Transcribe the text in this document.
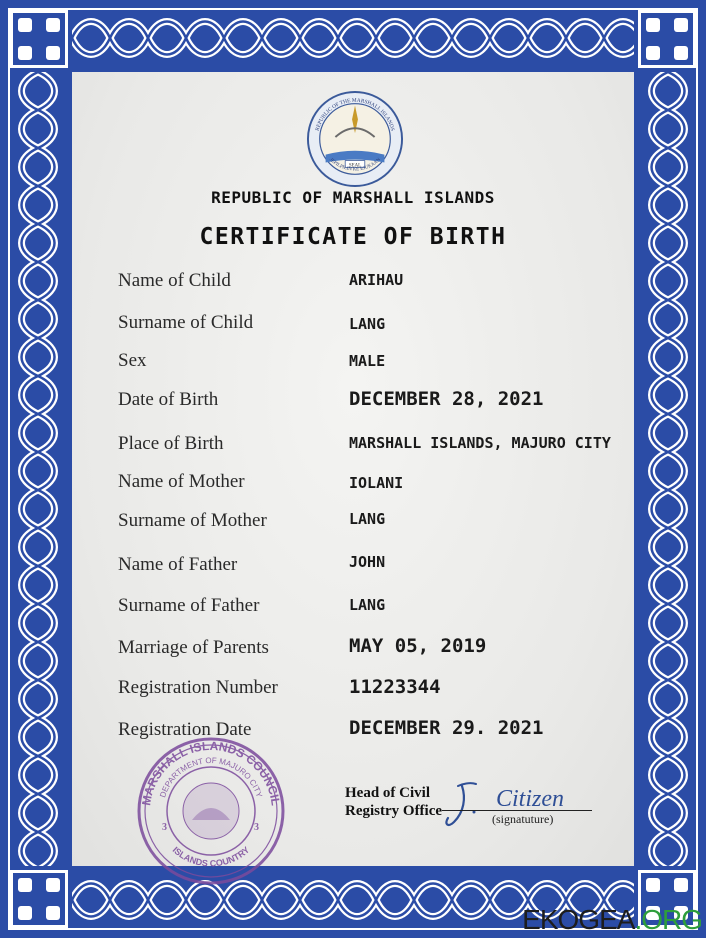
SEAL
REPUBLIC OF THE MARSHALL ISLANDS
JEPILPILIN KE EJUKAAN
REPUBLIC OF MARSHALL ISLANDS
CERTIFICATE OF BIRTH
Name of Child	ARIHAU
Surname of Child	LANG
Sex	MALE
Date of Birth	DECEMBER 28, 2021
Place of Birth	MARSHALL ISLANDS, MAJURO CITY
Name of Mother	IOLANI
Surname of Mother	LANG
Name of Father	JOHN
Surname of Father	LANG
Marriage of Parents	MAY 05, 2019
Registration Number	11223344
Registration Date	DECEMBER 29. 2021
MARSHALL ISLANDS COUNCIL
DEPARTMENT OF MAJURO CITY
ISLANDS COUNTRY
3	3
Head of Civil
Registry Office Citizen
(signatuture)
EKOGEA.ORG
